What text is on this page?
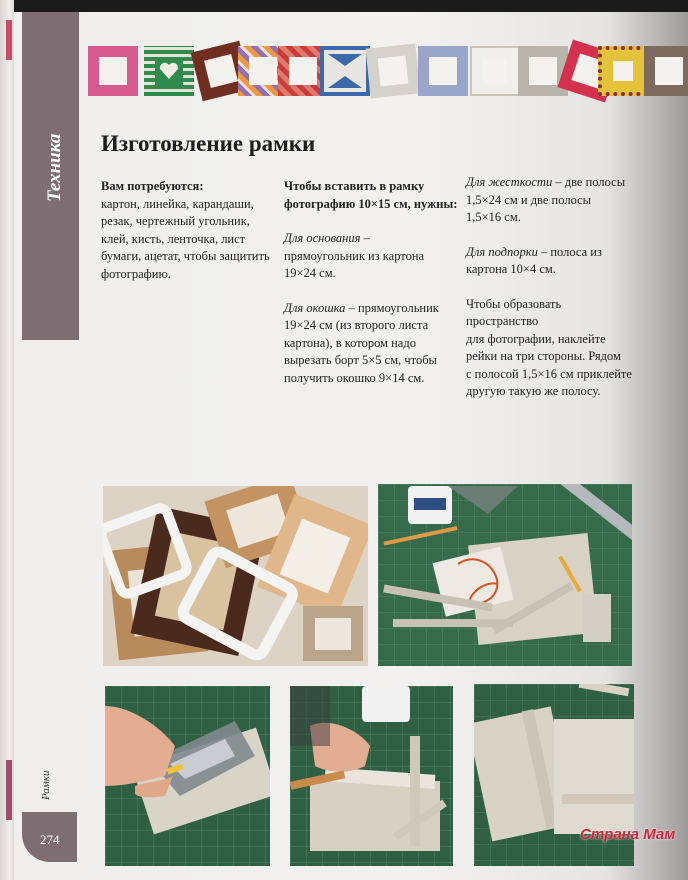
Техника Изготовление рамки
Вам потребуются:
картон, линейка, карандаши,
резак, чертежный угольник,
клей, кисть, ленточка, лист
бумаги, ацетат, чтобы защитить
фотографию.

Чтобы вставить в рамку
фотографию 10×15 см, нужны:

Для основания –
прямоугольник из картона
19×24 см.

Для окошка – прямоугольник
19×24 см (из второго листа
картона), в котором надо
вырезать борт 5×5 см, чтобы
получить окошко 9×14 см.

Для жесткости – две полосы
1,5×24 см и две полосы
1,5×16 см.

Для подпорки – полоса из
картона 10×4 см.

Чтобы образовать пространство
для фотографии, наклейте
рейки на три стороны. Рядом
с полосой 1,5×16 см приклейте
другую такую же полосу.

Рамки
274	Страна Мам
